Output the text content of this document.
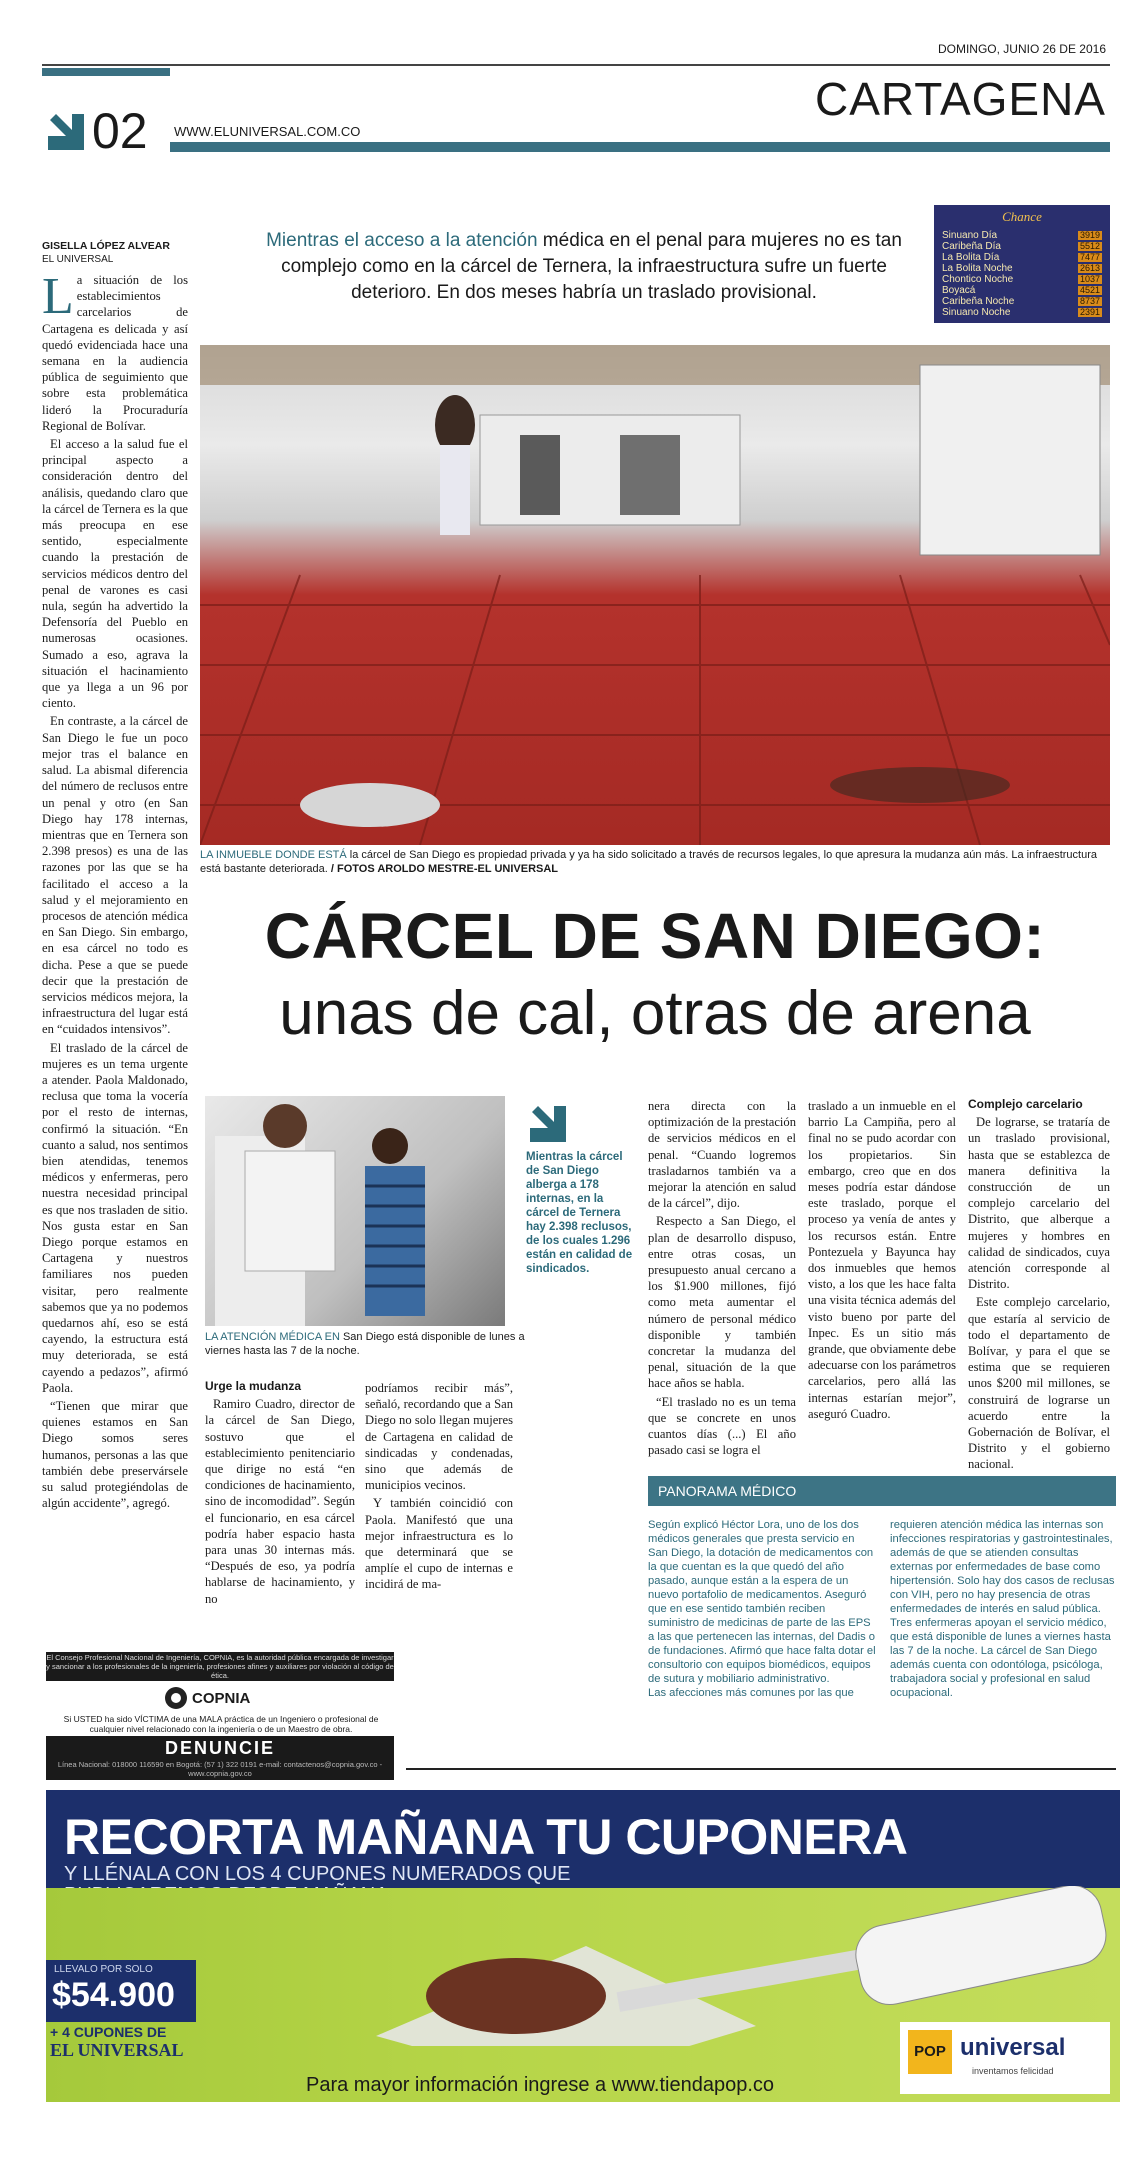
DOMINGO, JUNIO 26 DE 2016
CARTAGENA
02 WWW.ELUNIVERSAL.COM.CO
GISELLA LÓPEZ ALVEAR
EL UNIVERSAL
Mientras el acceso a la atención médica en el penal para mujeres no es tan complejo como en la cárcel de Ternera, la infraestructura sufre un fuerte deterioro. En dos meses habría un traslado provisional.
Chance
Sinuano Día	3919
Caribeña Día	5512
La Bolita Día	7477
La Bolita Noche	2613
Chontico Noche	1037
Boyacá	4521
Caribeña Noche	8737
Sinuano Noche	2391
LA INMUEBLE DONDE ESTÁ la cárcel de San Diego es propiedad privada y ya ha sido solicitado a través de recursos legales, lo que apresura la mudanza aún más. La infraestructura está bastante deteriorada. / FOTOS AROLDO MESTRE-EL UNIVERSAL
CÁRCEL DE SAN DIEGO:
unas de cal, otras de arena

La situación de los establecimientos carcelarios de Cartagena es delicada y así quedó evidenciada hace una semana en la audiencia pública de seguimiento que sobre esta problemática lideró la Procuraduría Regional de Bolívar.

El acceso a la salud fue el principal aspecto a consideración dentro del análisis, quedando claro que la cárcel de Ternera es la que más preocupa en ese sentido, especialmente cuando la prestación de servicios médicos dentro del penal de varones es casi nula, según ha advertido la Defensoría del Pueblo en numerosas ocasiones. Sumado a eso, agrava la situación el hacinamiento que ya llega a un 96 por ciento.

En contraste, a la cárcel de San Diego le fue un poco mejor tras el balance en salud. La abismal diferencia del número de reclusos entre un penal y otro (en San Diego hay 178 internas, mientras que en Ternera son 2.398 presos) es una de las razones por las que se ha facilitado el acceso a la salud y el mejoramiento en procesos de atención médica en San Diego. Sin embargo, en esa cárcel no todo es dicha. Pese a que se puede decir que la prestación de servicios médicos mejora, la infraestructura del lugar está en “cuidados intensivos”.

El traslado de la cárcel de mujeres es un tema urgente a atender. Paola Maldonado, reclusa que toma la vocería por el resto de internas, confirmó la situación. “En cuanto a salud, nos sentimos bien atendidas, tenemos médicos y enfermeras, pero nuestra necesidad principal es que nos trasladen de sitio. Nos gusta estar en San Diego porque estamos en Cartagena y nuestros familiares nos pueden visitar, pero realmente sabemos que ya no podemos quedarnos ahí, eso se está cayendo, la estructura está muy deteriorada, se está cayendo a pedazos”, afirmó Paola.

“Tienen que mirar que quienes estamos en San Diego somos seres humanos, personas a las que también debe preservársele su salud protegiéndolas de algún accidente”, agregó.

LA ATENCIÓN MÉDICA EN San Diego está disponible de lunes a viernes hasta las 7 de la noche.
Mientras la cárcel de San Diego alberga a 178 internas, en la cárcel de Ternera hay 2.398 reclusos, de los cuales 1.296 están en calidad de sindicados.
Urge la mudanza

Ramiro Cuadro, director de la cárcel de San Diego, sostuvo que el establecimiento penitenciario que dirige no está “en condiciones de hacinamiento, sino de incomodidad”. Según el funcionario, en esa cárcel podría haber espacio hasta para unas 30 internas más. “Después de eso, ya podría hablarse de hacinamiento, y no

podríamos recibir más”, señaló, recordando que a San Diego no solo llegan mujeres de Cartagena en calidad de sindicadas y condenadas, sino que además de municipios vecinos.

Y también coincidió con Paola. Manifestó que una mejor infraestructura es lo que determinará que se amplíe el cupo de internas e incidirá de ma-

nera directa con la optimización de la prestación de servicios médicos en el penal. “Cuando logremos trasladarnos también va a mejorar la atención en salud de la cárcel”, dijo.

Respecto a San Diego, el plan de desarrollo dispuso, entre otras cosas, un presupuesto anual cercano a los $1.900 millones, fijó como meta aumentar el número de personal médico disponible y también concretar la mudanza del penal, situación de la que hace años se habla.

“El traslado no es un tema que se concrete en unos cuantos días (...) El año pasado casi se logra el

traslado a un inmueble en el barrio La Campiña, pero al final no se pudo acordar con los propietarios. Sin embargo, creo que en dos meses podría estar dándose este traslado, porque el proceso ya venía de antes y los recursos están. Entre Pontezuela y Bayunca hay dos inmuebles que hemos visto, a los que les hace falta una visita técnica además del visto bueno por parte del Inpec. Es un sitio más grande, que obviamente debe adecuarse con los parámetros carcelarios, pero allá las internas estarían mejor”, aseguró Cuadro.

Complejo carcelario

De lograrse, se trataría de un traslado provisional, hasta que se establezca de manera definitiva la construcción de un complejo carcelario del Distrito, que alberque a mujeres y hombres en calidad de sindicados, cuya atención corresponde al Distrito.

Este complejo carcelario, que estaría al servicio de todo el departamento de Bolívar, y para el que se estima que se requieren unos $200 mil millones, se construirá de lograrse un acuerdo entre la Gobernación de Bolívar, el Distrito y el gobierno nacional.

PANORAMA MÉDICO
Según explicó Héctor Lora, uno de los dos médicos generales que presta servicio en San Diego, la dotación de medicamentos con la que cuentan es la que quedó del año pasado, aunque están a la espera de un nuevo portafolio de medicamentos. Aseguró que en ese sentido también reciben suministro de medicinas de parte de las EPS a las que pertenecen las internas, del Dadis o de fundaciones. Afirmó que hace falta dotar el consultorio con equipos biomédicos, equipos de sutura y mobiliario administrativo.
Las afecciones más comunes por las que
requieren atención médica las internas son infecciones respiratorias y gastrointestinales, además de que se atienden consultas externas por enfermedades de base como hipertensión. Solo hay dos casos de reclusas con VIH, pero no hay presencia de otras enfermedades de interés en salud pública. Tres enfermeras apoyan el servicio médico, que está disponible de lunes a viernes hasta las 7 de la noche. La cárcel de San Diego además cuenta con odontóloga, psicóloga, trabajadora social y profesional en salud ocupacional.
El Consejo Profesional Nacional de Ingeniería, COPNIA, es la autoridad pública encargada de investigar y sancionar a los profesionales de la ingeniería, profesiones afines y auxiliares por violación al código de ética.
COPNIA
Si USTED ha sido VÍCTIMA de una MALA práctica de un Ingeniero o profesional de cualquier nivel relacionado con la ingeniería o de un Maestro de obra.
DENUNCIE
Línea Nacional: 018000 116590 en Bogotá: (57 1) 322 0191 e-mail: contactenos@copnia.gov.co - www.copnia.gov.co
RECORTA MAÑANA TU CUPONERA
Y LLÉNALA CON LOS 4 CUPONES NUMERADOS QUE
LLEVALO POR SOLO
$54.900
+ 4 CUPONES DE
EL UNIVERSAL	POP universal
inventamos felicidad
Para mayor información ingrese a www.tiendapop.co
